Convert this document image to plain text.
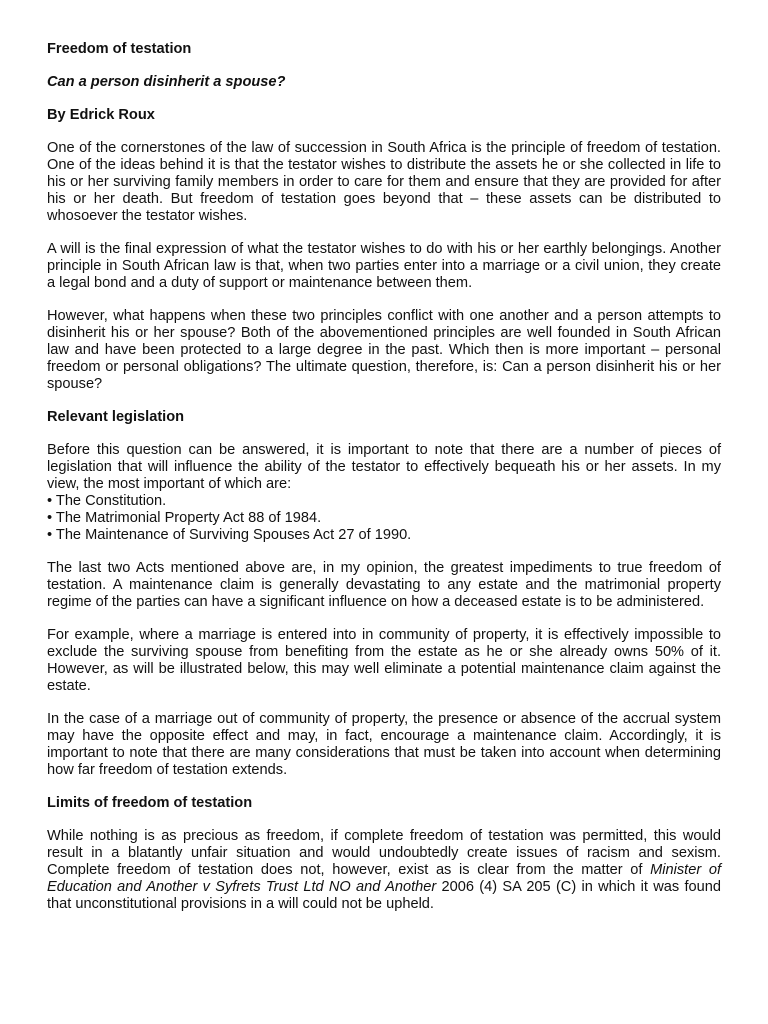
Freedom of testation

Can a person disinherit a spouse?

By Edrick Roux

One of the cornerstones of the law of succession in South Africa is the principle of freedom of testation. One of the ideas behind it is that the testator wishes to distribute the assets he or she collected in life to his or her surviving family members in order to care for them and ensure that they are provided for after his or her death. But freedom of testation goes beyond that – these assets can be distributed to whosoever the testator wishes.

A will is the final expression of what the testator wishes to do with his or her earthly belongings. Another principle in South African law is that, when two parties enter into a marriage or a civil union, they create a legal bond and a duty of support or maintenance between them.

However, what happens when these two principles conflict with one another and a person attempts to disinherit his or her spouse? Both of the abovementioned principles are well founded in South African law and have been protected to a large degree in the past. Which then is more important – personal freedom or personal obligations? The ultimate question, therefore, is: Can a person disinherit his or her spouse?

Relevant legislation

Before this question can be answered, it is important to note that there are a number of pieces of legislation that will influence the ability of the testator to effectively bequeath his or her assets. In my view, the most important of which are:

• The Constitution.
• The Matrimonial Property Act 88 of 1984.
• The Maintenance of Surviving Spouses Act 27 of 1990.

The last two Acts mentioned above are, in my opinion, the greatest impediments to true freedom of testation. A maintenance claim is generally devastating to any estate and the matrimonial property regime of the parties can have a significant influence on how a deceased estate is to be administered.

For example, where a marriage is entered into in community of property, it is effectively impossible to exclude the surviving spouse from benefiting from the estate as he or she already owns 50% of it. However, as will be illustrated below, this may well eliminate a potential maintenance claim against the estate.

In the case of a marriage out of community of property, the presence or absence of the accrual system may have the opposite effect and may, in fact, encourage a maintenance claim. Accordingly, it is important to note that there are many considerations that must be taken into account when determining how far freedom of testation extends.

Limits of freedom of testation

While nothing is as precious as freedom, if complete freedom of testation was permitted, this would result in a blatantly unfair situation and would undoubtedly create issues of racism and sexism. Complete freedom of testation does not, however, exist as is clear from the matter of Minister of Education and Another v Syfrets Trust Ltd NO and Another 2006 (4) SA 205 (C) in which it was found that unconstitutional provisions in a will could not be upheld.
